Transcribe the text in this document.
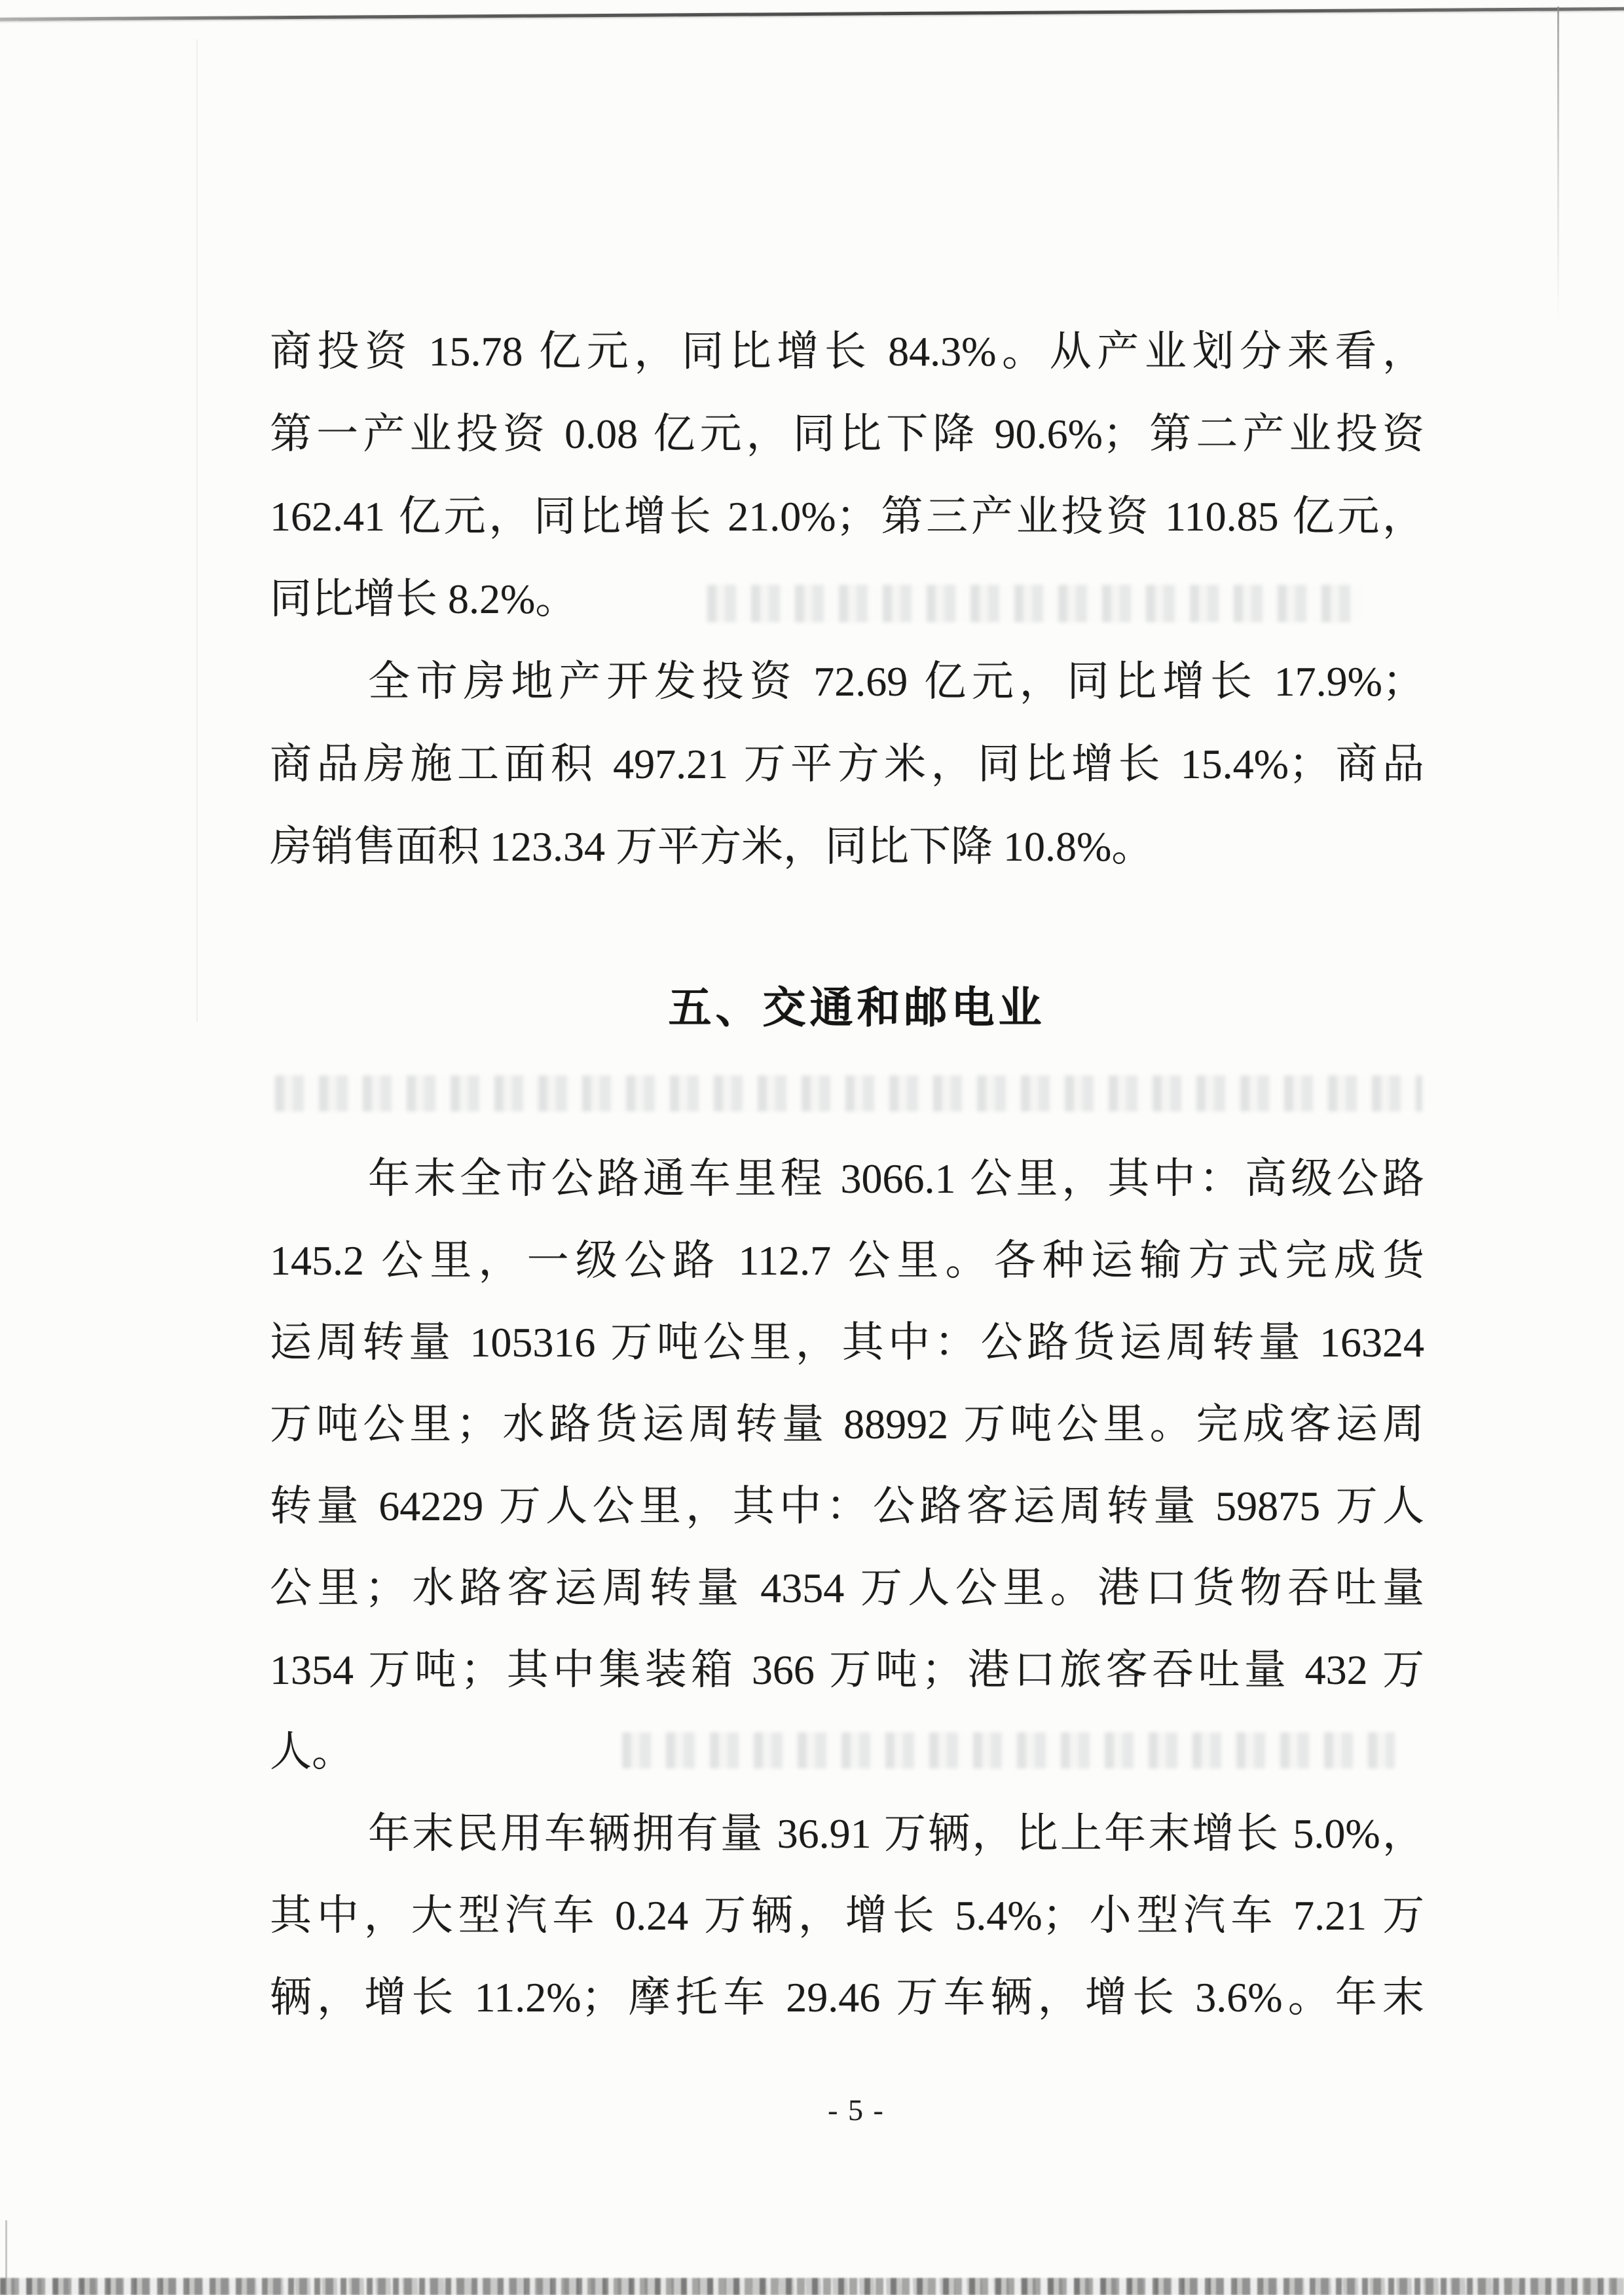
商投资 15.78 亿元，同比增长 84.3%。从产业划分来看，
第一产业投资 0.08 亿元，同比下降 90.6%；第二产业投资
162.41 亿元，同比增长 21.0%；第三产业投资 110.85 亿元，
同比增长 8.2%。
全市房地产开发投资 72.69 亿元，同比增长 17.9%；
商品房施工面积 497.21 万平方米，同比增长 15.4%；商品
房销售面积 123.34 万平方米，同比下降 10.8%。
五、交通和邮电业
年末全市公路通车里程 3066.1 公里，其中：高级公路
145.2 公里，一级公路 112.7 公里。各种运输方式完成货
运周转量 105316 万吨公里，其中：公路货运周转量 16324
万吨公里；水路货运周转量 88992 万吨公里。完成客运周
转量 64229 万人公里，其中：公路客运周转量 59875 万人
公里；水路客运周转量 4354 万人公里。港口货物吞吐量
1354 万吨；其中集装箱 366 万吨；港口旅客吞吐量 432 万
人。
年末民用车辆拥有量 36.91 万辆，比上年末增长 5.0%，
其中，大型汽车 0.24 万辆，增长 5.4%；小型汽车 7.21 万
辆，增长 11.2%；摩托车 29.46 万车辆，增长 3.6%。年末
- 5 -
